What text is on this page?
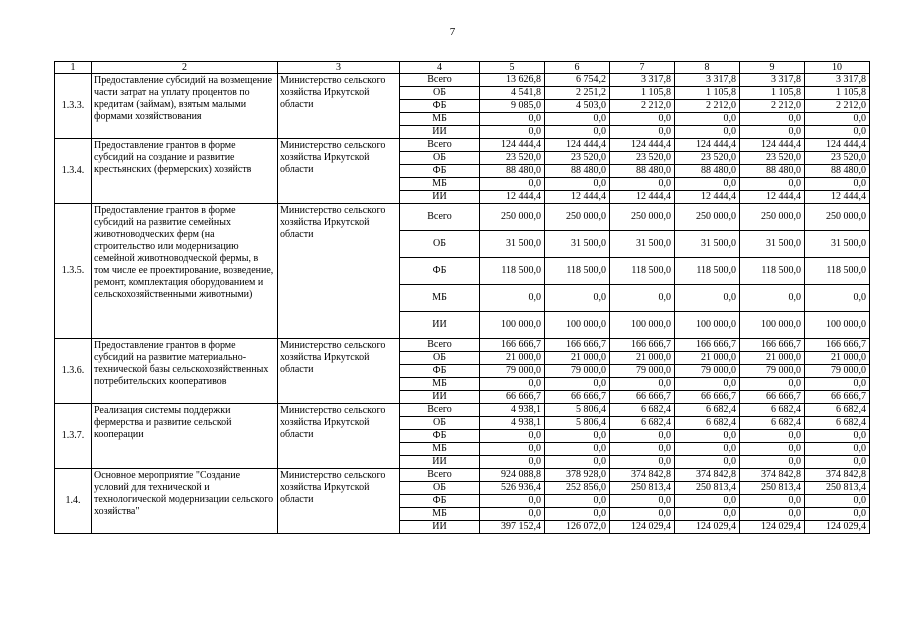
7
1	2	3	4	5	6	7	8	9	10
1.3.3.	Предоставление субсидий на возмещение части затрат на уплату процентов по кредитам (займам), взятым малыми формами хозяйствования	Министерство сельского хозяйства Иркутской области	Всего	13 626,8	6 754,2	3 317,8	3 317,8	3 317,8	3 317,8
			ОБ	4 541,8	2 251,2	1 105,8	1 105,8	1 105,8	1 105,8
			ФБ	9 085,0	4 503,0	2 212,0	2 212,0	2 212,0	2 212,0
			МБ	0,0	0,0	0,0	0,0	0,0	0,0
			ИИ	0,0	0,0	0,0	0,0	0,0	0,0
1.3.4.	Предоставление грантов в форме субсидий на создание и развитие крестьянских (фермерских) хозяйств	Министерство сельского хозяйства Иркутской области	Всего	124 444,4	124 444,4	124 444,4	124 444,4	124 444,4	124 444,4
			ОБ	23 520,0	23 520,0	23 520,0	23 520,0	23 520,0	23 520,0
			ФБ	88 480,0	88 480,0	88 480,0	88 480,0	88 480,0	88 480,0
			МБ	0,0	0,0	0,0	0,0	0,0	0,0
			ИИ	12 444,4	12 444,4	12 444,4	12 444,4	12 444,4	12 444,4
1.3.5.	Предоставление грантов в форме субсидий на развитие семейных животноводческих ферм (на строительство или модернизацию семейной животноводческой фермы, в том числе ее проектирование, возведение, ремонт, комплектация оборудованием и сельскохозяйственными животными)	Министерство сельского хозяйства Иркутской области	Всего	250 000,0	250 000,0	250 000,0	250 000,0	250 000,0	250 000,0
			ОБ	31 500,0	31 500,0	31 500,0	31 500,0	31 500,0	31 500,0
			ФБ	118 500,0	118 500,0	118 500,0	118 500,0	118 500,0	118 500,0
			МБ	0,0	0,0	0,0	0,0	0,0	0,0
			ИИ	100 000,0	100 000,0	100 000,0	100 000,0	100 000,0	100 000,0
1.3.6.	Предоставление грантов в форме субсидий на развитие материально-технической базы сельскохозяйственных потребительских кооперативов	Министерство сельского хозяйства Иркутской области	Всего	166 666,7	166 666,7	166 666,7	166 666,7	166 666,7	166 666,7
			ОБ	21 000,0	21 000,0	21 000,0	21 000,0	21 000,0	21 000,0
			ФБ	79 000,0	79 000,0	79 000,0	79 000,0	79 000,0	79 000,0
			МБ	0,0	0,0	0,0	0,0	0,0	0,0
			ИИ	66 666,7	66 666,7	66 666,7	66 666,7	66 666,7	66 666,7
1.3.7.	Реализация системы поддержки фермерства и развитие сельской кооперации	Министерство сельского хозяйства Иркутской области	Всего	4 938,1	5 806,4	6 682,4	6 682,4	6 682,4	6 682,4
			ОБ	4 938,1	5 806,4	6 682,4	6 682,4	6 682,4	6 682,4
			ФБ	0,0	0,0	0,0	0,0	0,0	0,0
			МБ	0,0	0,0	0,0	0,0	0,0	0,0
			ИИ	0,0	0,0	0,0	0,0	0,0	0,0
1.4.	Основное мероприятие "Создание условий для технической и технологической модернизации сельского хозяйства"	Министерство сельского хозяйства Иркутской области	Всего	924 088,8	378 928,0	374 842,8	374 842,8	374 842,8	374 842,8
			ОБ	526 936,4	252 856,0	250 813,4	250 813,4	250 813,4	250 813,4
			ФБ	0,0	0,0	0,0	0,0	0,0	0,0
			МБ	0,0	0,0	0,0	0,0	0,0	0,0
			ИИ	397 152,4	126 072,0	124 029,4	124 029,4	124 029,4	124 029,4
